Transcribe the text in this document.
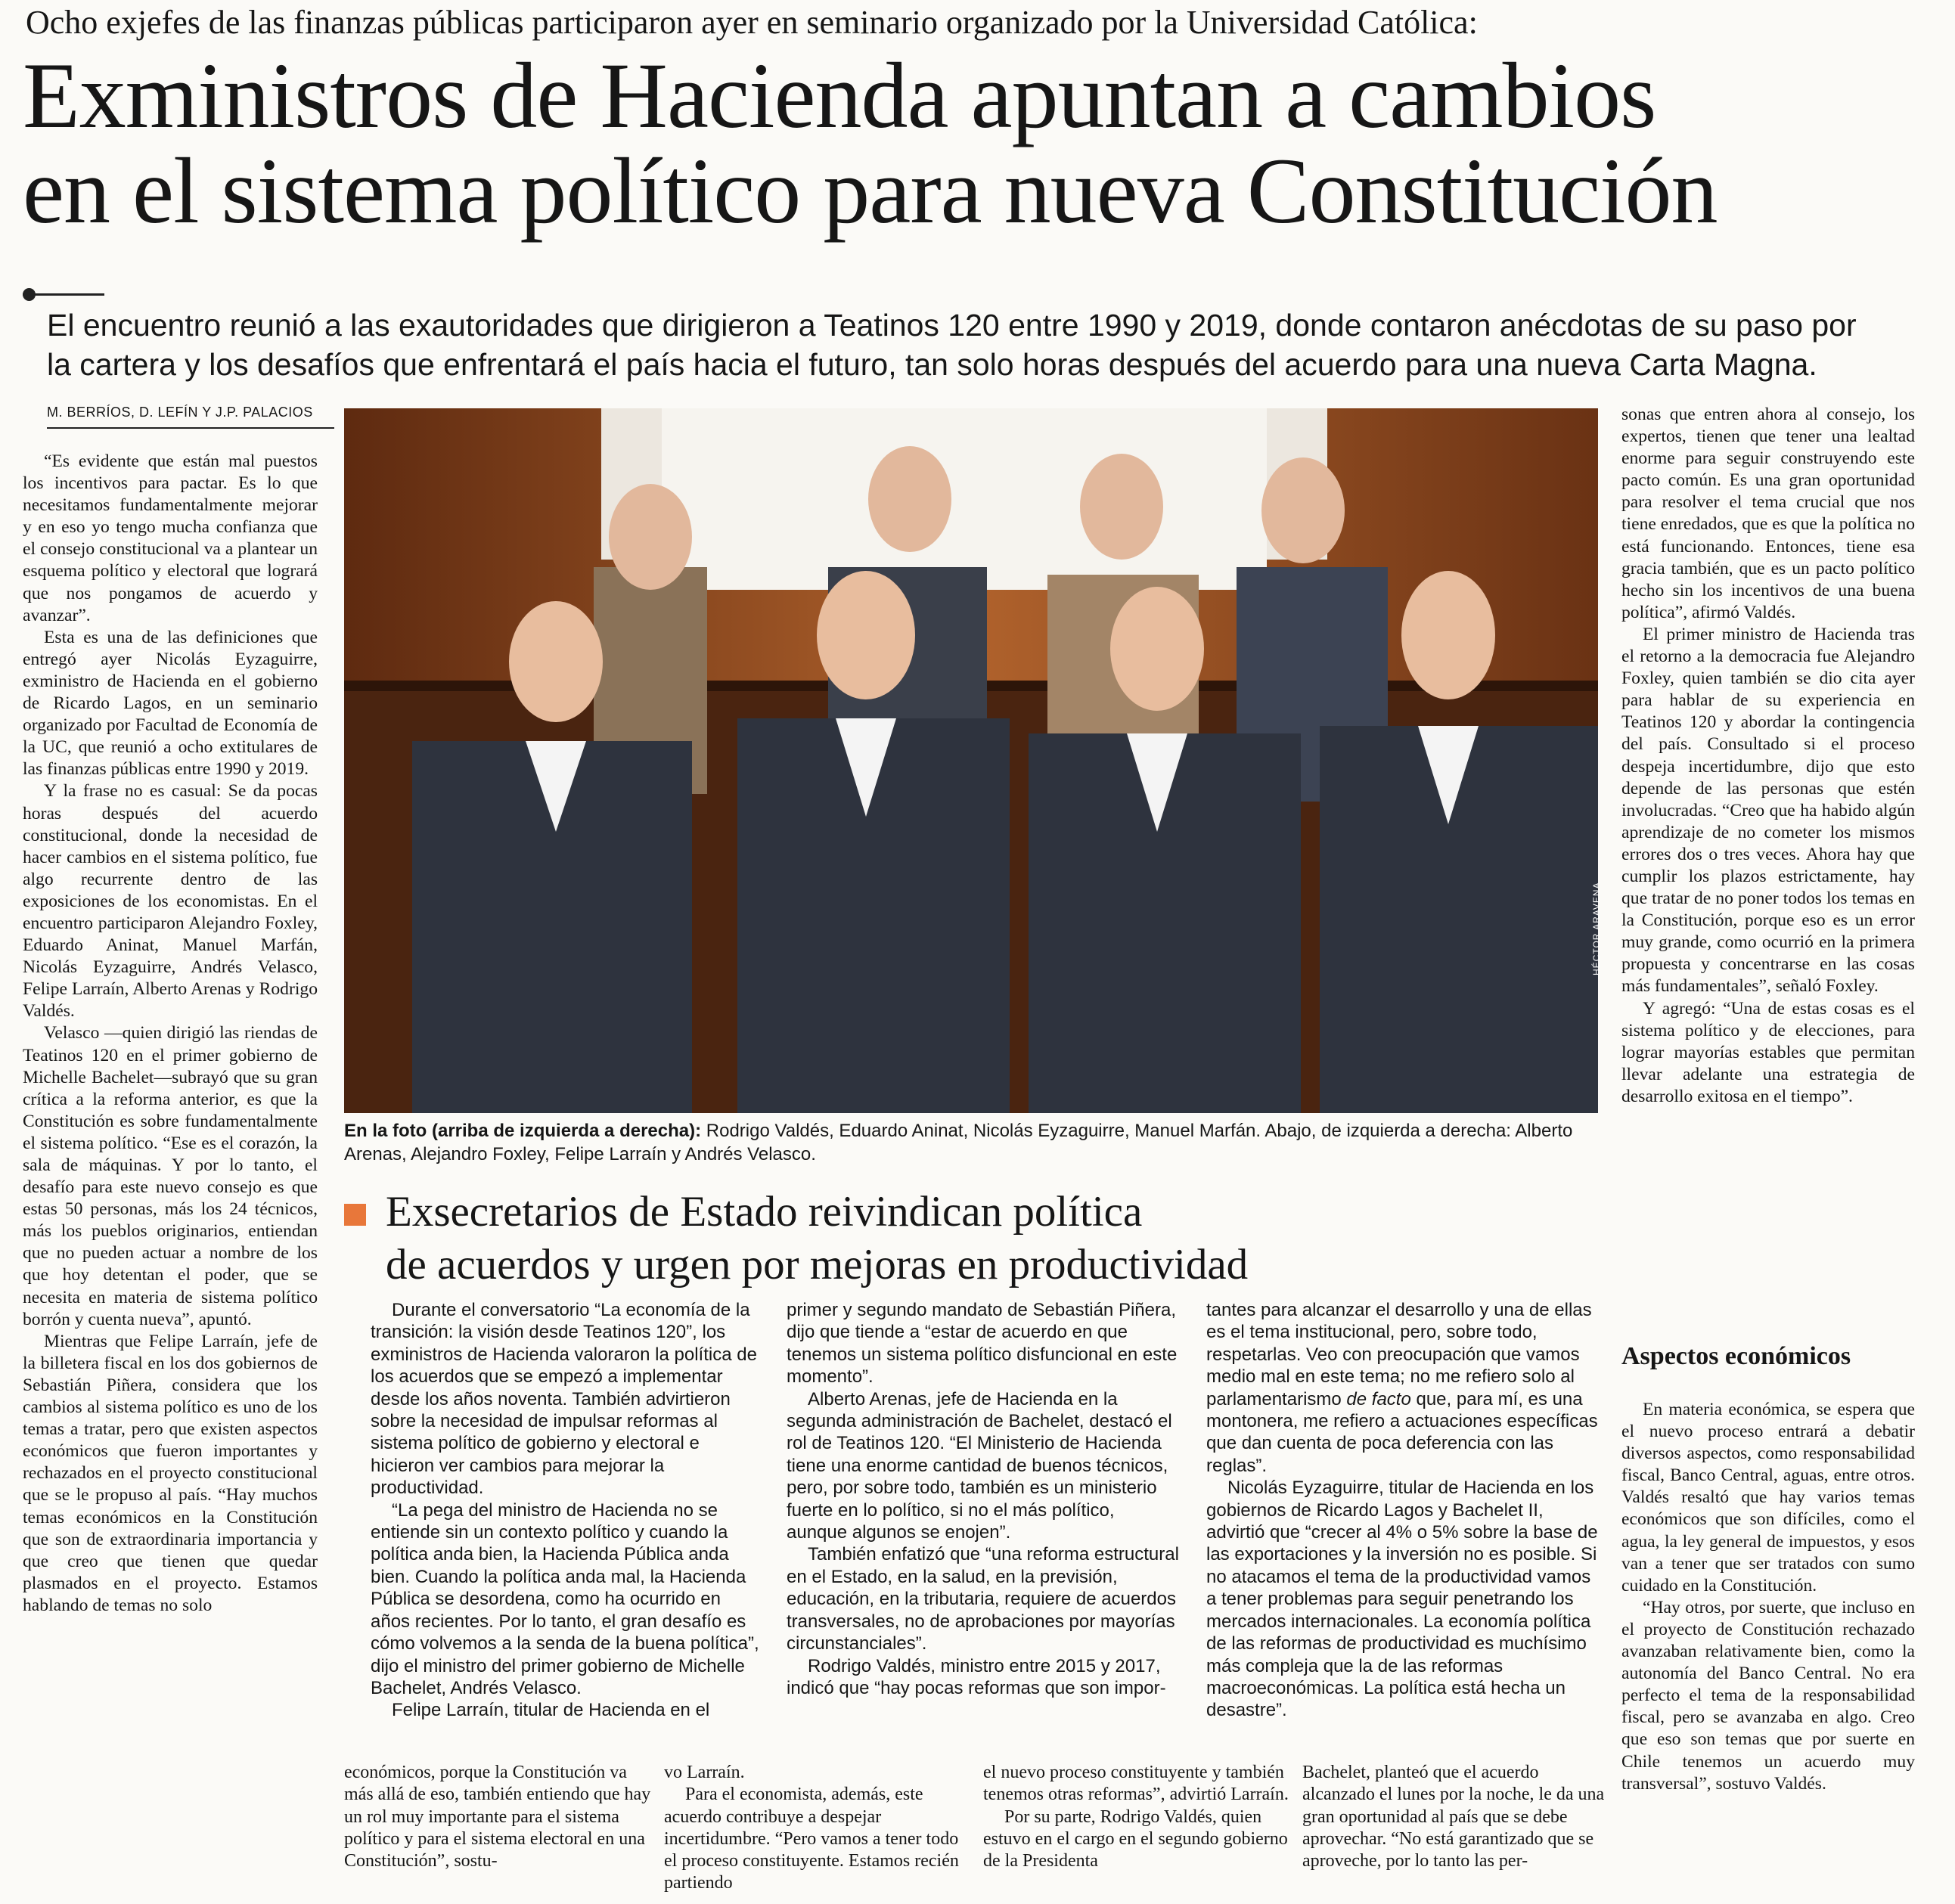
Ocho exjefes de las finanzas públicas participaron ayer en seminario organizado por la Universidad Católica:
Exministros de Hacienda apuntan a cambios
en el sistema político para nueva Constitución

El encuentro reunió a las exautoridades que dirigieron a Teatinos 120 entre 1990 y 2019, donde contaron anécdotas de su paso por

la cartera y los desafíos que enfrentará el país hacia el futuro, tan solo horas después del acuerdo para una nueva Carta Magna.

M. BERRÍOS, D. LEFÍN Y J.P. PALACIOS

“Es evidente que están mal puestos los incentivos para pactar. Es lo que necesitamos fundamentalmente mejorar y en eso yo tengo mucha confianza que el consejo constitucional va a plantear un esquema político y electoral que logrará que nos pongamos de acuerdo y avanzar”.

Esta es una de las definiciones que entregó ayer Nicolás Eyzaguirre, exministro de Hacienda en el gobierno de Ricardo Lagos, en un seminario organizado por Facultad de Economía de la UC, que reunió a ocho extitulares de las finanzas públicas entre 1990 y 2019.

Y la frase no es casual: Se da pocas horas después del acuerdo constitucional, donde la necesidad de hacer cambios en el sistema político, fue algo recurrente dentro de las exposiciones de los economistas. En el encuentro participaron Alejandro Foxley, Eduardo Aninat, Manuel Marfán, Nicolás Eyzaguirre, Andrés Velasco, Felipe Larraín, Alberto Arenas y Rodrigo Valdés.

Velasco —quien dirigió las riendas de Teatinos 120 en el primer gobierno de Michelle Bachelet—subrayó que su gran crítica a la reforma anterior, es que la Constitución es sobre fundamentalmente el sistema político. “Ese es el corazón, la sala de máquinas. Y por lo tanto, el desafío para este nuevo consejo es que estas 50 personas, más los 24 técnicos, más los pueblos originarios, entiendan que no pueden actuar a nombre de los que hoy detentan el poder, que se necesita en materia de sistema político borrón y cuenta nueva”, apuntó.

Mientras que Felipe Larraín, jefe de la billetera fiscal en los dos gobiernos de Sebastián Piñera, considera que los cambios al sistema político es uno de los temas a tratar, pero que existen aspectos económicos que fueron importantes y rechazados en el proyecto constitucional que se le propuso al país. “Hay muchos temas económicos en la Constitución que son de extraordinaria importancia y que creo que tienen que quedar plasmados en el proyecto. Estamos hablando de temas no solo

HÉCTOR ARAVENA
En la foto (arriba de izquierda a derecha): Rodrigo Valdés, Eduardo Aninat, Nicolás Eyzaguirre, Manuel Marfán. Abajo, de izquierda a derecha: Alberto Arenas, Alejandro Foxley, Felipe Larraín y Andrés Velasco.
Exsecretarios de Estado reivindican política
de acuerdos y urgen por mejoras en productividad

Durante el conversatorio “La economía de la transición: la visión desde Teatinos 120”, los exministros de Hacienda valoraron la política de los acuerdos que se empezó a implementar desde los años noventa. También advirtieron sobre la necesidad de impulsar reformas al sistema político de gobierno y electoral e hicieron ver cambios para mejorar la productividad.

“La pega del ministro de Hacienda no se entiende sin un contexto político y cuando la política anda bien, la Hacienda Pública anda bien. Cuando la política anda mal, la Hacienda Pública se desordena, como ha ocurrido en años recientes. Por lo tanto, el gran desafío es cómo volvemos a la senda de la buena política”, dijo el ministro del primer gobierno de Michelle Bachelet, Andrés Velasco.

Felipe Larraín, titular de Hacienda en el

primer y segundo mandato de Sebastián Piñera, dijo que tiende a “estar de acuerdo en que tenemos un sistema político disfuncional en este momento”.

Alberto Arenas, jefe de Hacienda en la segunda administración de Bachelet, destacó el rol de Teatinos 120. “El Ministerio de Hacienda tiene una enorme cantidad de buenos técnicos, pero, por sobre todo, también es un ministerio fuerte en lo político, si no el más político, aunque algunos se enojen”.

También enfatizó que “una reforma estructural en el Estado, en la salud, en la previsión, educación, en la tributaria, requiere de acuerdos transversales, no de aprobaciones por mayorías circunstanciales”.

Rodrigo Valdés, ministro entre 2015 y 2017, indicó que “hay pocas reformas que son impor-

tantes para alcanzar el desarrollo y una de ellas es el tema institucional, pero, sobre todo, respetarlas. Veo con preocupación que vamos medio mal en este tema; no me refiero solo al parlamentarismo de facto que, para mí, es una montonera, me refiero a actuaciones específicas que dan cuenta de poca deferencia con las reglas”.

Nicolás Eyzaguirre, titular de Hacienda en los gobiernos de Ricardo Lagos y Bachelet II, advirtió que “crecer al 4% o 5% sobre la base de las exportaciones y la inversión no es posible. Si no atacamos el tema de la productividad vamos a tener problemas para seguir penetrando los mercados internacionales. La economía política de las reformas de productividad es muchísimo más compleja que la de las reformas macroeconómicas. La política está hecha un desastre”.

económicos, porque la Constitución va más allá de eso, también entiendo que hay un rol muy importante para el sistema político y para el sistema electoral en una Constitución”, sostu-

vo Larraín.

Para el economista, además, este acuerdo contribuye a despejar incertidumbre. “Pero vamos a tener todo el proceso constituyente. Estamos recién partiendo

el nuevo proceso constituyente y también tenemos otras reformas”, advirtió Larraín.

Por su parte, Rodrigo Valdés, quien estuvo en el cargo en el segundo gobierno de la Presidenta

Bachelet, planteó que el acuerdo alcanzado el lunes por la noche, le da una gran oportunidad al país que se debe aprovechar. “No está garantizado que se aproveche, por lo tanto las per-

sonas que entren ahora al consejo, los expertos, tienen que tener una lealtad enorme para seguir construyendo este pacto común. Es una gran oportunidad para resolver el tema crucial que nos tiene enredados, que es que la política no está funcionando. Entonces, tiene esa gracia también, que es un pacto político hecho sin los incentivos de una buena política”, afirmó Valdés.

El primer ministro de Hacienda tras el retorno a la democracia fue Alejandro Foxley, quien también se dio cita ayer para hablar de su experiencia en Teatinos 120 y abordar la contingencia del país. Consultado si el proceso despeja incertidumbre, dijo que esto depende de las personas que estén involucradas. “Creo que ha habido algún aprendizaje de no cometer los mismos errores dos o tres veces. Ahora hay que cumplir los plazos estrictamente, hay que tratar de no poner todos los temas en la Constitución, porque eso es un error muy grande, como ocurrió en la primera propuesta y concentrarse en las cosas más fundamentales”, señaló Foxley.

Y agregó: “Una de estas cosas es el sistema político y de elecciones, para lograr mayorías estables que permitan llevar adelante una estrategia de desarrollo exitosa en el tiempo”.

Aspectos económicos

En materia económica, se espera que el nuevo proceso entrará a debatir diversos aspectos, como responsabilidad fiscal, Banco Central, aguas, entre otros. Valdés resaltó que hay varios temas económicos que son difíciles, como el agua, la ley general de impuestos, y esos van a tener que ser tratados con sumo cuidado en la Constitución.

“Hay otros, por suerte, que incluso en el proyecto de Constitución rechazado avanzaban relativamente bien, como la autonomía del Banco Central. No era perfecto el tema de la responsabilidad fiscal, pero se avanzaba en algo. Creo que eso son temas que por suerte en Chile tenemos un acuerdo muy transversal”, sostuvo Valdés.
